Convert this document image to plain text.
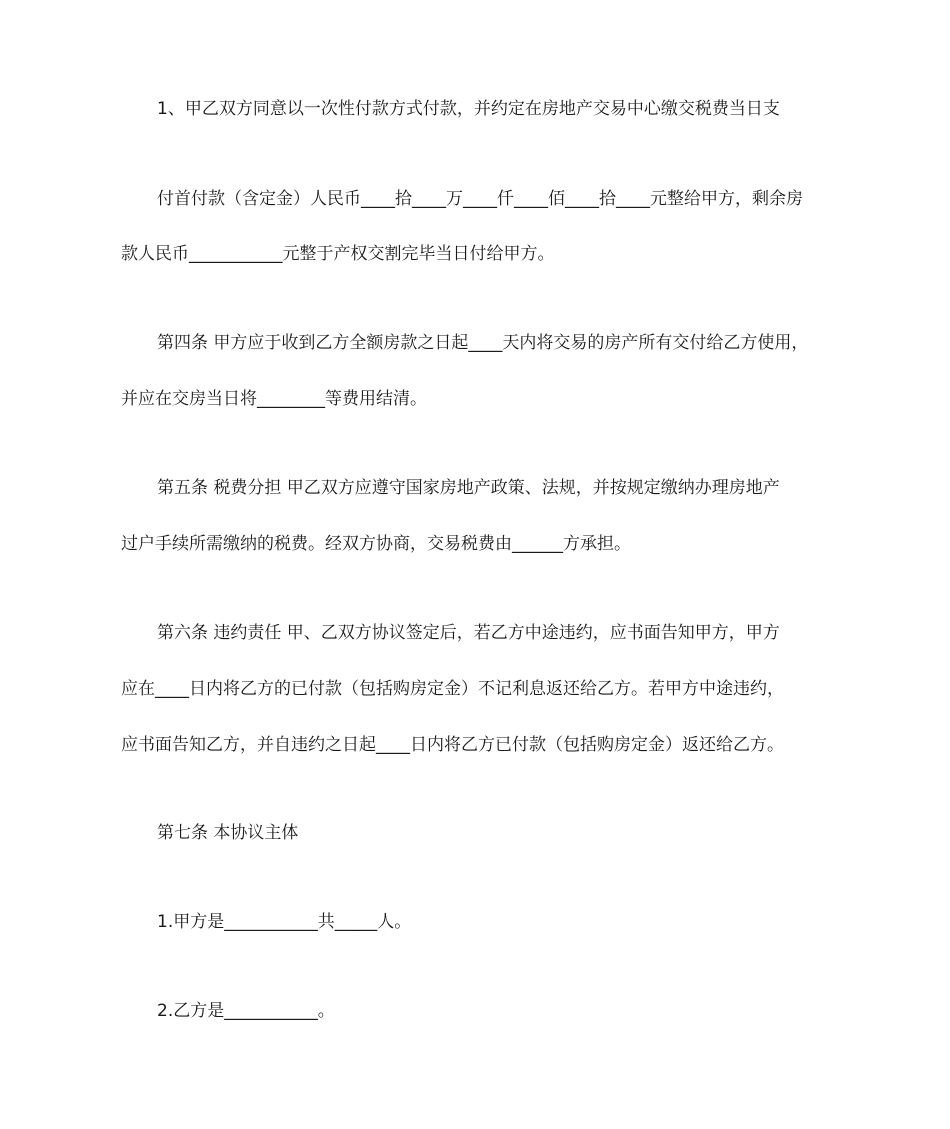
1、甲乙双方同意以一次性付款方式付款，并约定在房地产交易中心缴交税费当日支
付首付款（含定金）人民币____拾____万____仟____佰____拾____元整给甲方，剩余房
款人民币___________元整于产权交割完毕当日付给甲方。
第四条 甲方应于收到乙方全额房款之日起____天内将交易的房产所有交付给乙方使用，
并应在交房当日将________等费用结清。
第五条 税费分担 甲乙双方应遵守国家房地产政策、法规，并按规定缴纳办理房地产
过户手续所需缴纳的税费。经双方协商，交易税费由______方承担。
第六条 违约责任 甲、乙双方协议签定后，若乙方中途违约，应书面告知甲方，甲方
应在____日内将乙方的已付款（包括购房定金）不记利息返还给乙方。若甲方中途违约，
应书面告知乙方，并自违约之日起____日内将乙方已付款（包括购房定金）返还给乙方。
第七条 本协议主体
1.甲方是___________共_____人。
2.乙方是___________。
